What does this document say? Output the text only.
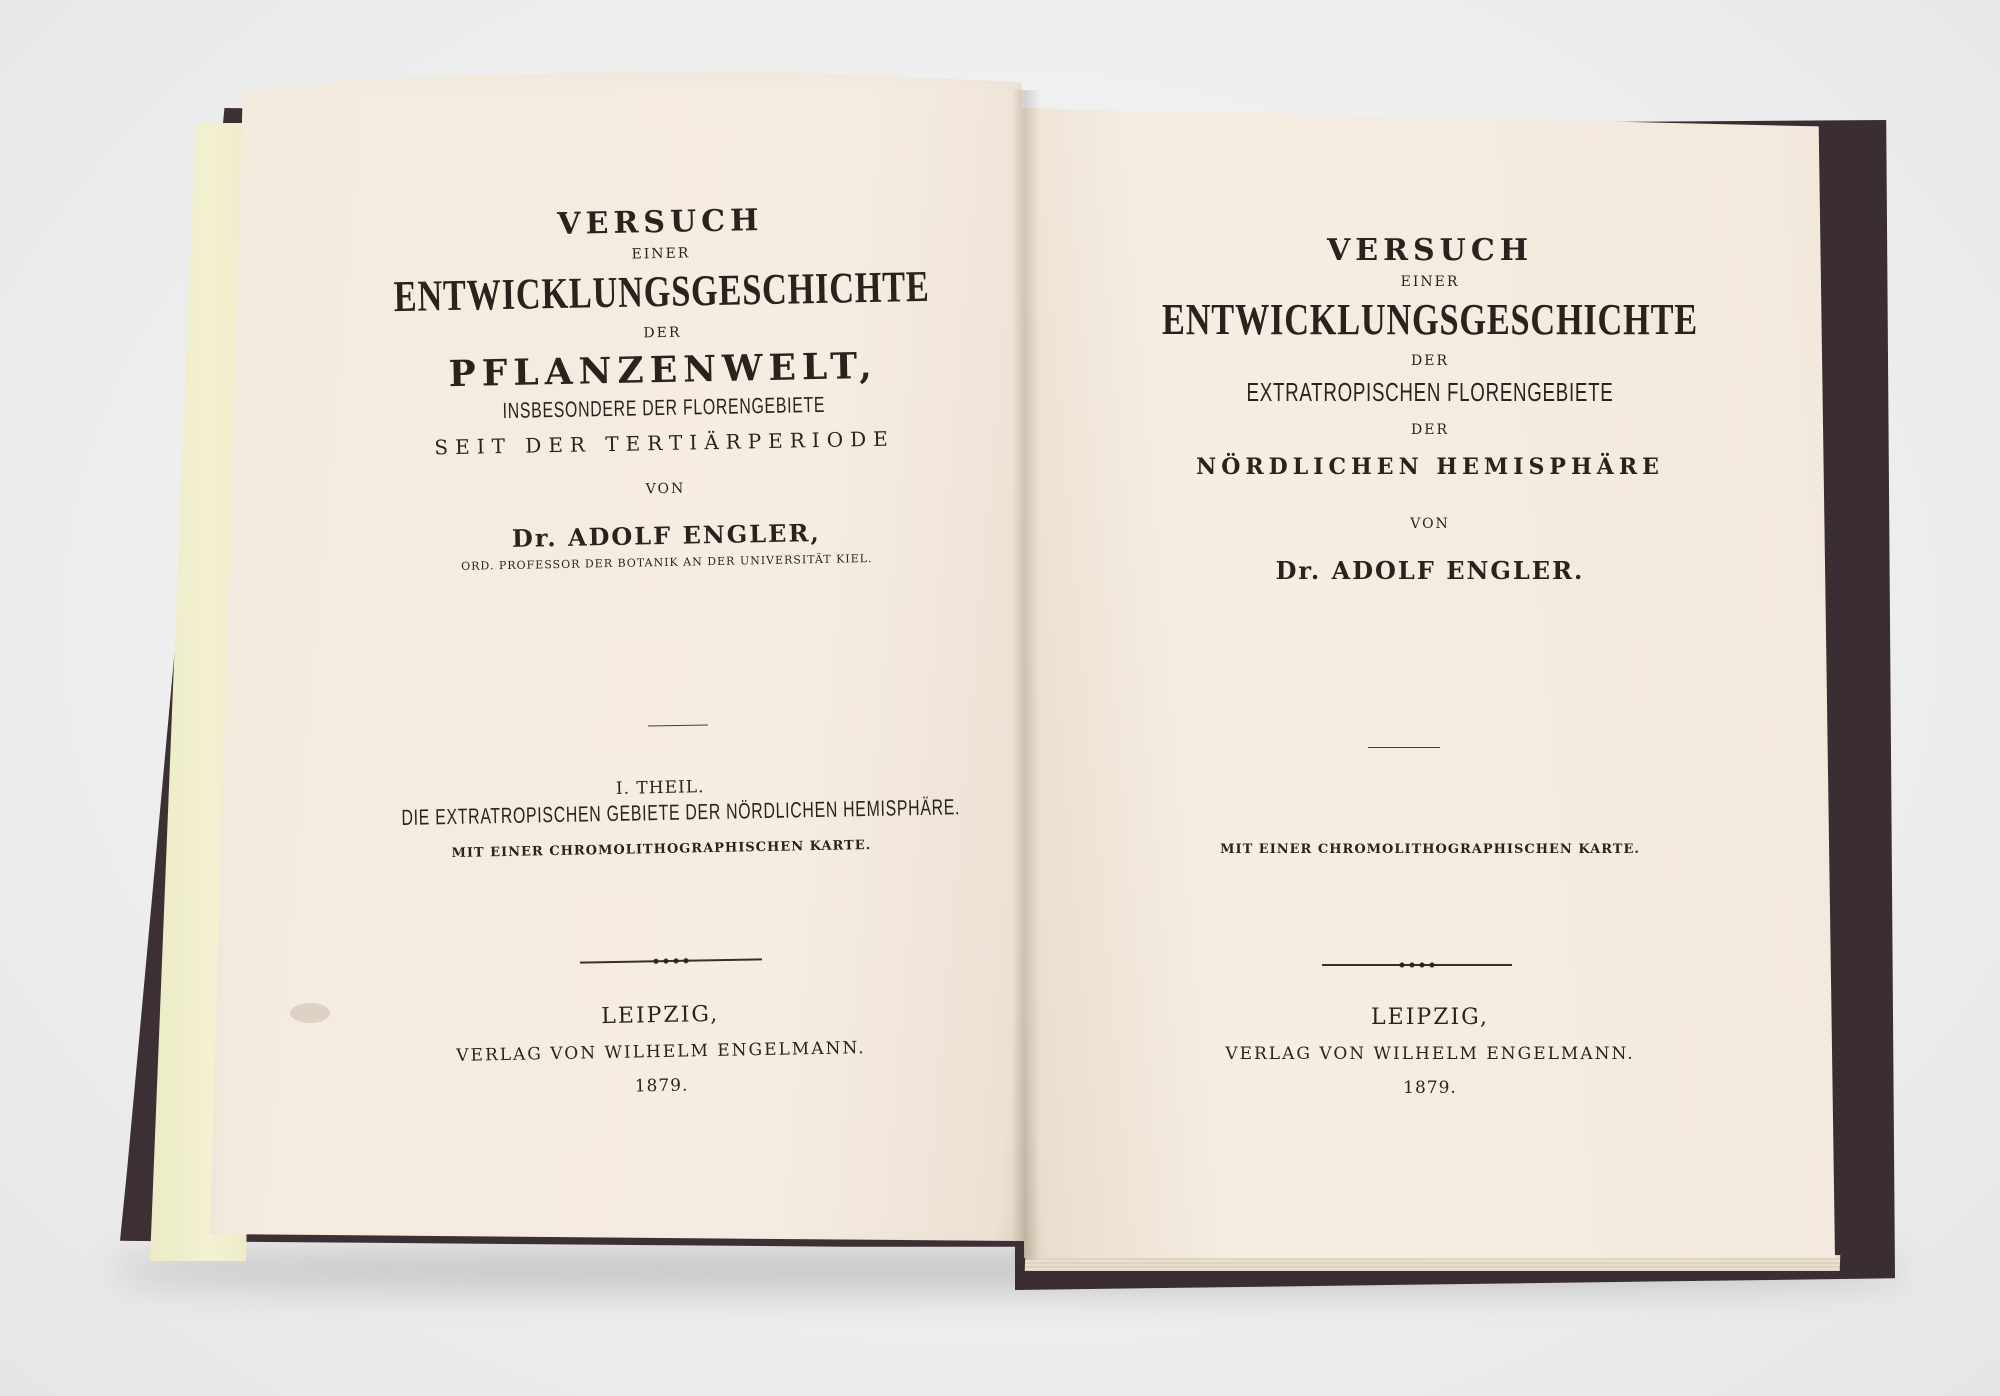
VERSUCH
EINER
ENTWICKLUNGSGESCHICHTE
DER
PFLANZENWELT,
INSBESONDERE DER FLORENGEBIETE
SEIT DER TERTIÄRPERIODE
VON
Dr. ADOLF ENGLER,
ORD. PROFESSOR DER BOTANIK AN DER UNIVERSITÄT KIEL.
I. THEIL.
DIE EXTRATROPISCHEN GEBIETE DER NÖRDLICHEN HEMISPHÄRE.
MIT EINER CHROMOLITHOGRAPHISCHEN KARTE.
LEIPZIG,
VERLAG VON WILHELM ENGELMANN.
1879.
VERSUCH
EINER
ENTWICKLUNGSGESCHICHTE
DER
EXTRATROPISCHEN FLORENGEBIETE
DER
NÖRDLICHEN HEMISPHÄRE
VON
Dr. ADOLF ENGLER.
MIT EINER CHROMOLITHOGRAPHISCHEN KARTE.
LEIPZIG,
VERLAG VON WILHELM ENGELMANN.
1879.
